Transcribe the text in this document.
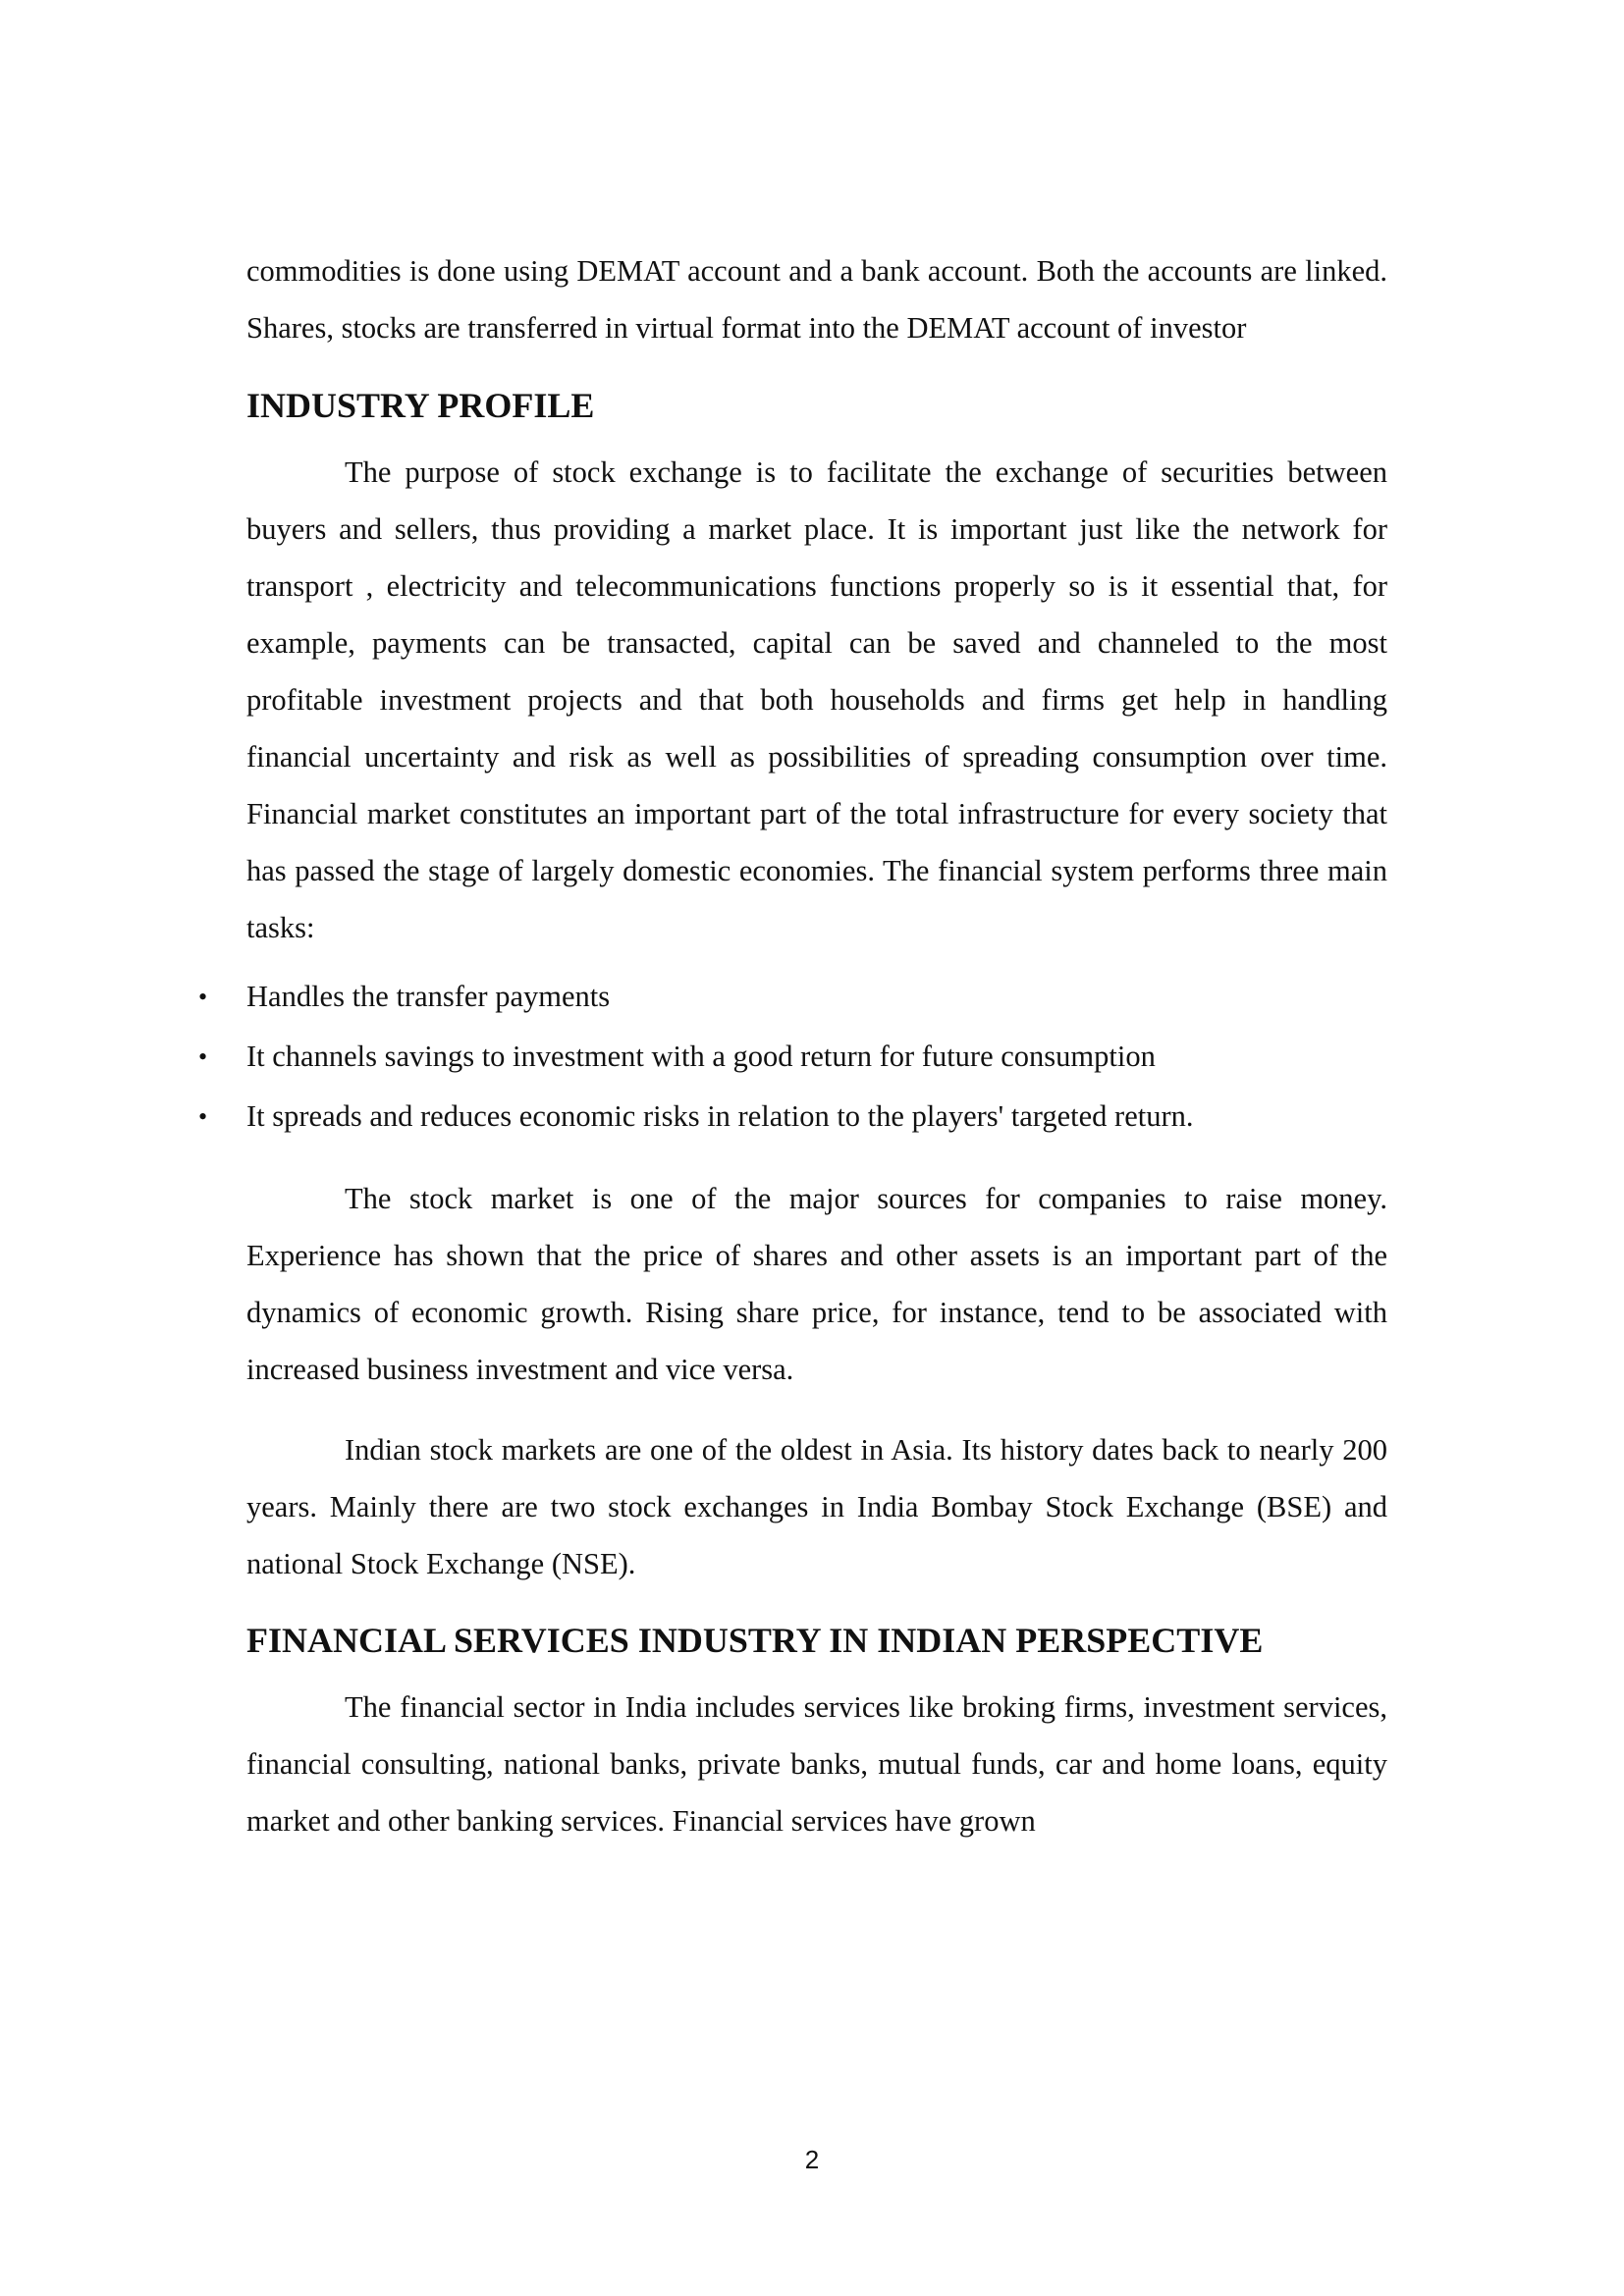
commodities is done using DEMAT account and a bank account. Both the accounts are linked. Shares, stocks are transferred in virtual format into the DEMAT account of investor

INDUSTRY PROFILE

The purpose of stock exchange is to facilitate the exchange of securities between buyers and sellers, thus providing a market place. It is important just like the network for transport , electricity and telecommunications functions properly so is it essential that, for example, payments can be transacted, capital can be saved and channeled to the most profitable investment projects and that both households and firms get help in handling financial uncertainty and risk as well as possibilities of spreading consumption over time. Financial market constitutes an important part of the total infrastructure for every society that has passed the stage of largely domestic economies. The financial system performs three main tasks:

• Handles the transfer payments
• It channels savings to investment with a good return for future consumption
• It spreads and reduces economic risks in relation to the players' targeted return.

The stock market is one of the major sources for companies to raise money. Experience has shown that the price of shares and other assets is an important part of the dynamics of economic growth. Rising share price, for instance, tend to be associated with increased business investment and vice versa.

Indian stock markets are one of the oldest in Asia. Its history dates back to nearly 200 years. Mainly there are two stock exchanges in India Bombay Stock Exchange (BSE) and national Stock Exchange (NSE).

FINANCIAL SERVICES INDUSTRY IN INDIAN PERSPECTIVE

The financial sector in India includes services like broking firms, investment services, financial consulting, national banks, private banks, mutual funds, car and home loans, equity market and other banking services. Financial services have grown

2
